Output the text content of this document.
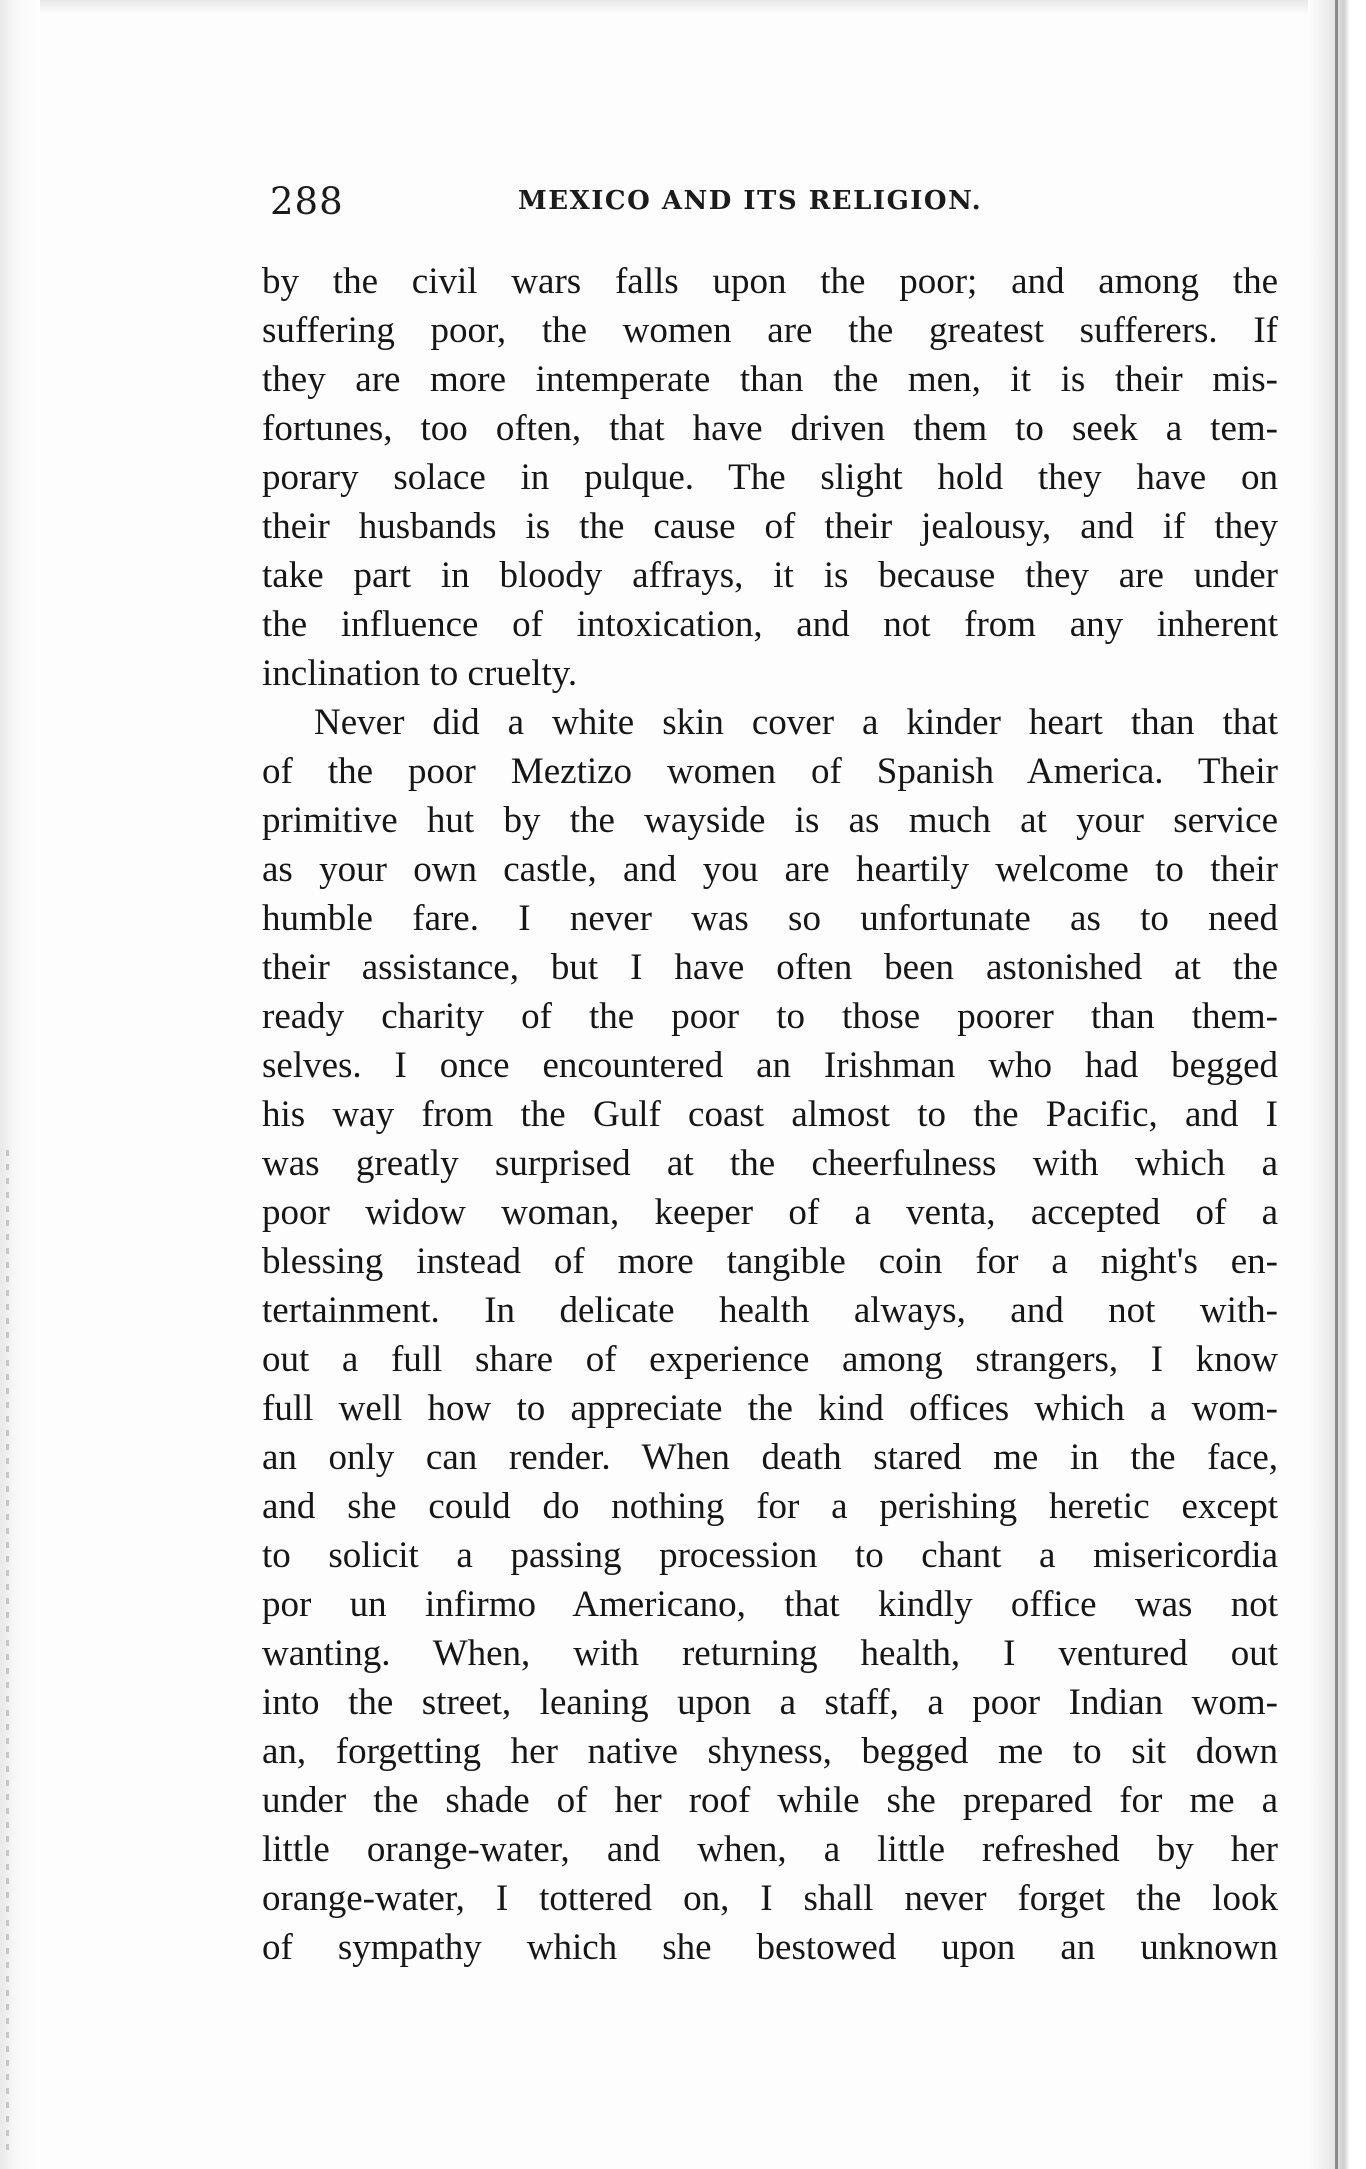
288	MEXICO AND ITS RELIGION.
by the civil wars falls upon the poor; and among the
suffering poor, the women are the greatest sufferers. If
they are more intemperate than the men, it is their mis-
fortunes, too often, that have driven them to seek a tem-
porary solace in pulque. The slight hold they have on
their husbands is the cause of their jealousy, and if they
take part in bloody affrays, it is because they are under
the influence of intoxication, and not from any inherent
inclination to cruelty.
Never did a white skin cover a kinder heart than that
of the poor Meztizo women of Spanish America. Their
primitive hut by the wayside is as much at your service
as your own castle, and you are heartily welcome to their
humble fare. I never was so unfortunate as to need
their assistance, but I have often been astonished at the
ready charity of the poor to those poorer than them-
selves. I once encountered an Irishman who had begged
his way from the Gulf coast almost to the Pacific, and I
was greatly surprised at the cheerfulness with which a
poor widow woman, keeper of a venta, accepted of a
blessing instead of more tangible coin for a night's en-
tertainment. In delicate health always, and not with-
out a full share of experience among strangers, I know
full well how to appreciate the kind offices which a wom-
an only can render. When death stared me in the face,
and she could do nothing for a perishing heretic except
to solicit a passing procession to chant a misericordia
por un infirmo Americano, that kindly office was not
wanting. When, with returning health, I ventured out
into the street, leaning upon a staff, a poor Indian wom-
an, forgetting her native shyness, begged me to sit down
under the shade of her roof while she prepared for me a
little orange-water, and when, a little refreshed by her
orange-water, I tottered on, I shall never forget the look
of sympathy which she bestowed upon an unknown
